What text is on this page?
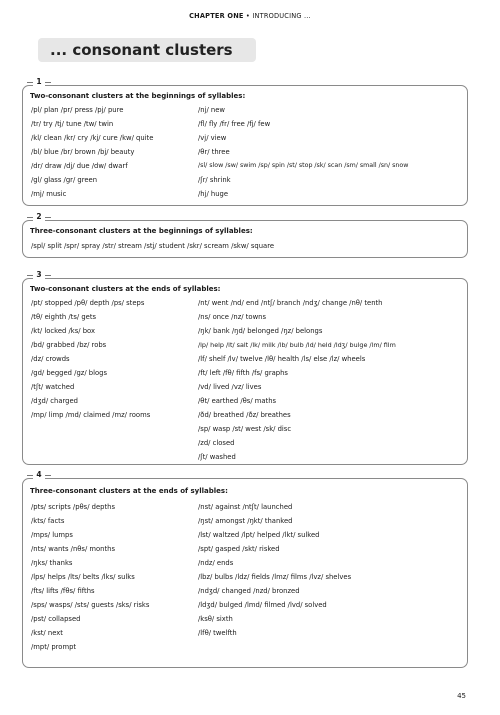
CHAPTER ONE • INTRODUCING ...
... consonant clusters
1
Two-consonant clusters at the beginnings of syllables:
/pl/ plan /pr/ press /pj/ pure
/tr/ try /tj/ tune /tw/ twin
/kl/ clean /kr/ cry /kj/ cure /kw/ quite
/bl/ blue /br/ brown /bj/ beauty
/dr/ draw /dj/ due /dw/ dwarf
/gl/ glass /gr/ green
/mj/ music
/nj/ new
/fl/ fly /fr/ free /fj/ few
/vj/ view
/θr/ three
/sl/ slow /sw/ swim /sp/ spin /st/ stop /sk/ scan /sm/ small /sn/ snow
/ʃr/ shrink
/hj/ huge
2
Three-consonant clusters at the beginnings of syllables:
/spl/ split /spr/ spray /str/ stream /stj/ student /skr/ scream /skw/ square
3
Two-consonant clusters at the ends of syllables:
/pt/ stopped /pθ/ depth /ps/ steps
/tθ/ eighth /ts/ gets
/kt/ locked /ks/ box
/bd/ grabbed /bz/ robs
/dz/ crowds
/gd/ begged /gz/ blogs
/tʃt/ watched
/dʒd/ charged
/mp/ limp /md/ claimed /mz/ rooms
/nt/ went /nd/ end /ntʃ/ branch /ndʒ/ change /nθ/ tenth
/ns/ once /nz/ towns
/ŋk/ bank /ŋd/ belonged /ŋz/ belongs
/lp/ help /lt/ salt /lk/ milk /lb/ bulb /ld/ held /ldʒ/ bulge /lm/ film
/lf/ shelf /lv/ twelve /lθ/ health /ls/ else /lz/ wheels
/ft/ left /fθ/ fifth /fs/ graphs
/vd/ lived /vz/ lives
/θt/ earthed /θs/ maths
/ðd/ breathed /ðz/ breathes
/sp/ wasp /st/ west /sk/ disc
/zd/ closed
/ʃt/ washed
4
Three-consonant clusters at the ends of syllables:
/pts/ scripts /pθs/ depths
/kts/ facts
/mps/ lumps
/nts/ wants /nθs/ months
/ŋks/ thanks
/lps/ helps /lts/ belts /lks/ sulks
/fts/ lifts /fθs/ fifths
/sps/ wasps/ /sts/ guests /sks/ risks
/pst/ collapsed
/kst/ next
/mpt/ prompt
/nst/ against /ntʃt/ launched
/ŋst/ amongst /ŋkt/ thanked
/lst/ waltzed /lpt/ helped /lkt/ sulked
/spt/ gasped /skt/ risked
/ndz/ ends
/lbz/ bulbs /ldz/ fields /lmz/ films /lvz/ shelves
/ndʒd/ changed /nzd/ bronzed
/ldʒd/ bulged /lmd/ filmed /lvd/ solved
/ksθ/ sixth
/lfθ/ twelfth
45
